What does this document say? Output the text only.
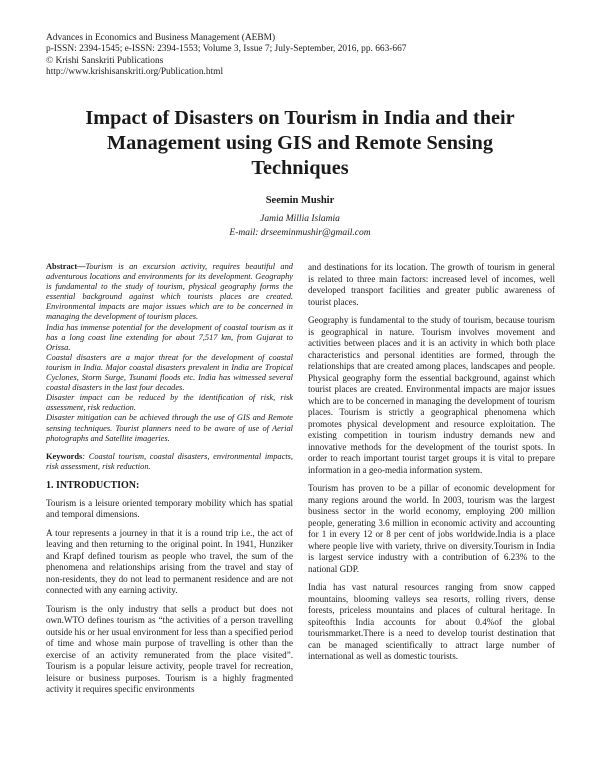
Advances in Economics and Business Management (AEBM)
p-ISSN: 2394-1545; e-ISSN: 2394-1553; Volume 3, Issue 7; July-September, 2016, pp. 663-667
© Krishi Sanskriti Publications
http://www.krishisanskriti.org/Publication.html
Impact of Disasters on Tourism in India and their
Management using GIS and Remote Sensing
Techniques
Seemin Mushir
Jamia Millia Islamia
E-mail: drseeminmushir@gmail.com

Abstract—Tourism is an excursion activity, requires beautiful and adventurous locations and environments for its development. Geography is fundamental to the study of tourism, physical geography forms the essential background against which tourists places are created. Environmental impacts are major issues which are to be concerned in managing the development of tourism places.

India has immense potential for the development of coastal tourism as it has a long coast line extending for about 7,517 km, from Gujarat to Orissa.

Coastal disasters are a major threat for the development of coastal tourism in India. Major coastal disasters prevalent in India are Tropical Cyclones, Storm Surge, Tsunami floods etc. India has witnessed several coastal disasters in the last four decades.

Disaster impact can be reduced by the identification of risk, risk assessment, risk reduction.

Disaster mitigation can be achieved through the use of GIS and Remote sensing techniques. Tourist planners need to be aware of use of Aerial photographs and Satellite imageries.

Keywords: Coastal tourism, coastal disasters, environmental impacts, risk assessment, risk reduction.
1. INTRODUCTION:

Tourism is a leisure oriented temporary mobility which has spatial and temporal dimensions.

A tour represents a journey in that it is a round trip i.e., the act of leaving and then returning to the original point. In 1941, Hunziker and Krapf defined tourism as people who travel, the sum of the phenomena and relationships arising from the travel and stay of non-residents, they do not lead to permanent residence and are not connected with any earning activity.

Tourism is the only industry that sells a product but does not own.WTO defines tourism as “the activities of a person travelling outside his or her usual environment for less than a specified period of time and whose main purpose of travelling is other than the exercise of an activity remunerated from the place visited”. Tourism is a popular leisure activity, people travel for recreation, leisure or business purposes. Tourism is a highly fragmented activity it requires specific environments

and destinations for its location. The growth of tourism in general is related to three main factors: increased level of incomes, well developed transport facilities and greater public awareness of tourist places.

Geography is fundamental to the study of tourism, because tourism is geographical in nature. Tourism involves movement and activities between places and it is an activity in which both place characteristics and personal identities are formed, through the relationships that are created among places, landscapes and people. Physical geography form the essential background, against which tourist places are created. Environmental impacts are major issues which are to be concerned in managing the development of tourism places. Tourism is strictly a geographical phenomena which promotes physical development and resource exploitation. The existing competition in tourism industry demands new and innovative methods for the development of the tourist spots. In order to reach important tourist target groups it is vital to prepare information in a geo-media information system.

Tourism has proven to be a pillar of economic development for many regions around the world. In 2003, tourism was the largest business sector in the world economy, employing 200 million people, generating 3.6 million in economic activity and accounting for 1 in every 12 or 8 per cent of jobs worldwide.India is a place where people live with variety, thrive on diversity.Tourism in India is largest service industry with a contribution of 6.23% to the national GDP.

India has vast natural resources ranging from snow capped mountains, blooming valleys sea resorts, rolling rivers, dense forests, priceless mountains and places of cultural heritage. In spiteofthis India accounts for about 0.4%of the global tourismmarket.There is a need to develop tourist destination that can be managed scientifically to attract large number of international as well as domestic tourists.
